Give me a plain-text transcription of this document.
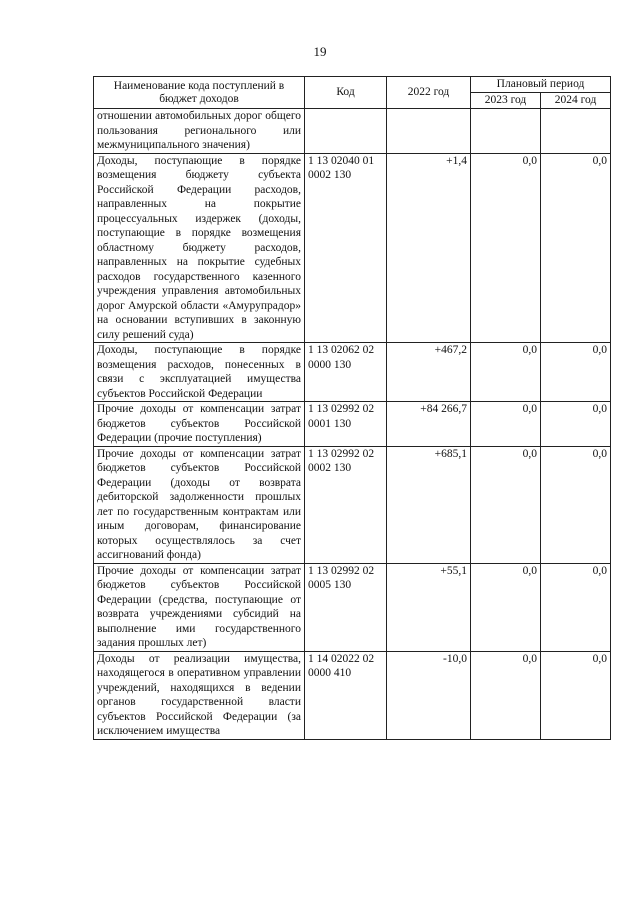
19
Наименование кода поступлений в бюджет доходов	Код	2022 год	Плановый период	
			2023 год	2024 год
отношении автомобильных дорог общего пользования регионального или межмуниципального значения)				
Доходы, поступающие в порядке возмещения бюджету субъекта Российской Федерации расходов, направленных на покрытие процессуальных издержек (доходы, поступающие в порядке возмещения областному бюджету расходов, направленных на покрытие судебных расходов государственного казенного учреждения управления автомобильных дорог Амурской области «Амурупрадор» на основании вступивших в законную силу решений суда)	1 13 02040 01 0002 130	+1,4	0,0	0,0
Доходы, поступающие в порядке возмещения расходов, понесенных в связи с эксплуатацией имущества субъектов Российской Федерации	1 13 02062 02 0000 130	+467,2	0,0	0,0
Прочие доходы от компенсации затрат бюджетов субъектов Российской Федерации (прочие поступления)	1 13 02992 02 0001 130	+84 266,7	0,0	0,0
Прочие доходы от компенсации затрат бюджетов субъектов Российской Федерации (доходы от возврата дебиторской задолженности прошлых лет по государственным контрактам или иным договорам, финансирование которых осуществлялось за счет ассигнований фонда)	1 13 02992 02 0002 130	+685,1	0,0	0,0
Прочие доходы от компенсации затрат бюджетов субъектов Российской Федерации (средства, поступающие от возврата учреждениями субсидий на выполнение ими государственного задания прошлых лет)	1 13 02992 02 0005 130	+55,1	0,0	0,0
Доходы от реализации имущества, находящегося в оперативном управлении учреждений, находящихся в ведении органов государственной власти субъектов Российской Федерации (за исключением имущества	1 14 02022 02 0000 410	-10,0	0,0	0,0
